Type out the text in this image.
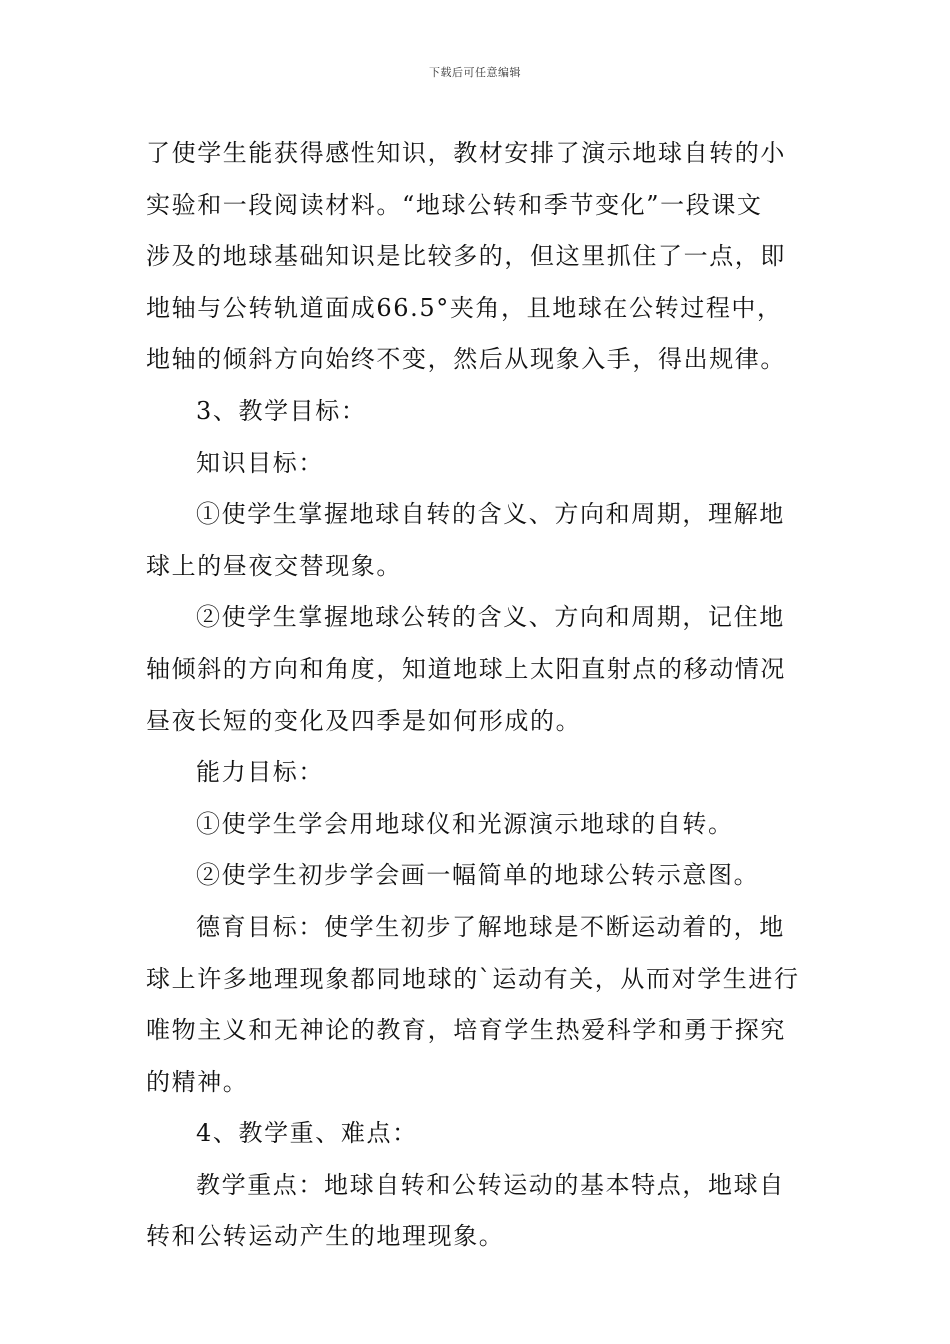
下载后可任意编辑

了使学生能获得感性知识，教材安排了演示地球自转的小
实验和一段阅读材料。“地球公转和季节变化”一段课文
涉及的地球基础知识是比较多的，但这里抓住了一点，即
地轴与公转轨道面成66.5°夹角，且地球在公转过程中，
地轴的倾斜方向始终不变，然后从现象入手，得出规律。

3、教学目标：

知识目标：

①使学生掌握地球自转的含义、方向和周期，理解地
球上的昼夜交替现象。

②使学生掌握地球公转的含义、方向和周期，记住地
轴倾斜的方向和角度，知道地球上太阳直射点的移动情况
昼夜长短的变化及四季是如何形成的。

能力目标：

①使学生学会用地球仪和光源演示地球的自转。

②使学生初步学会画一幅简单的地球公转示意图。

德育目标：使学生初步了解地球是不断运动着的，地
球上许多地理现象都同地球的`运动有关，从而对学生进行
唯物主义和无神论的教育，培育学生热爱科学和勇于探究
的精神。

4、教学重、难点：

教学重点：地球自转和公转运动的基本特点，地球自
转和公转运动产生的地理现象。
